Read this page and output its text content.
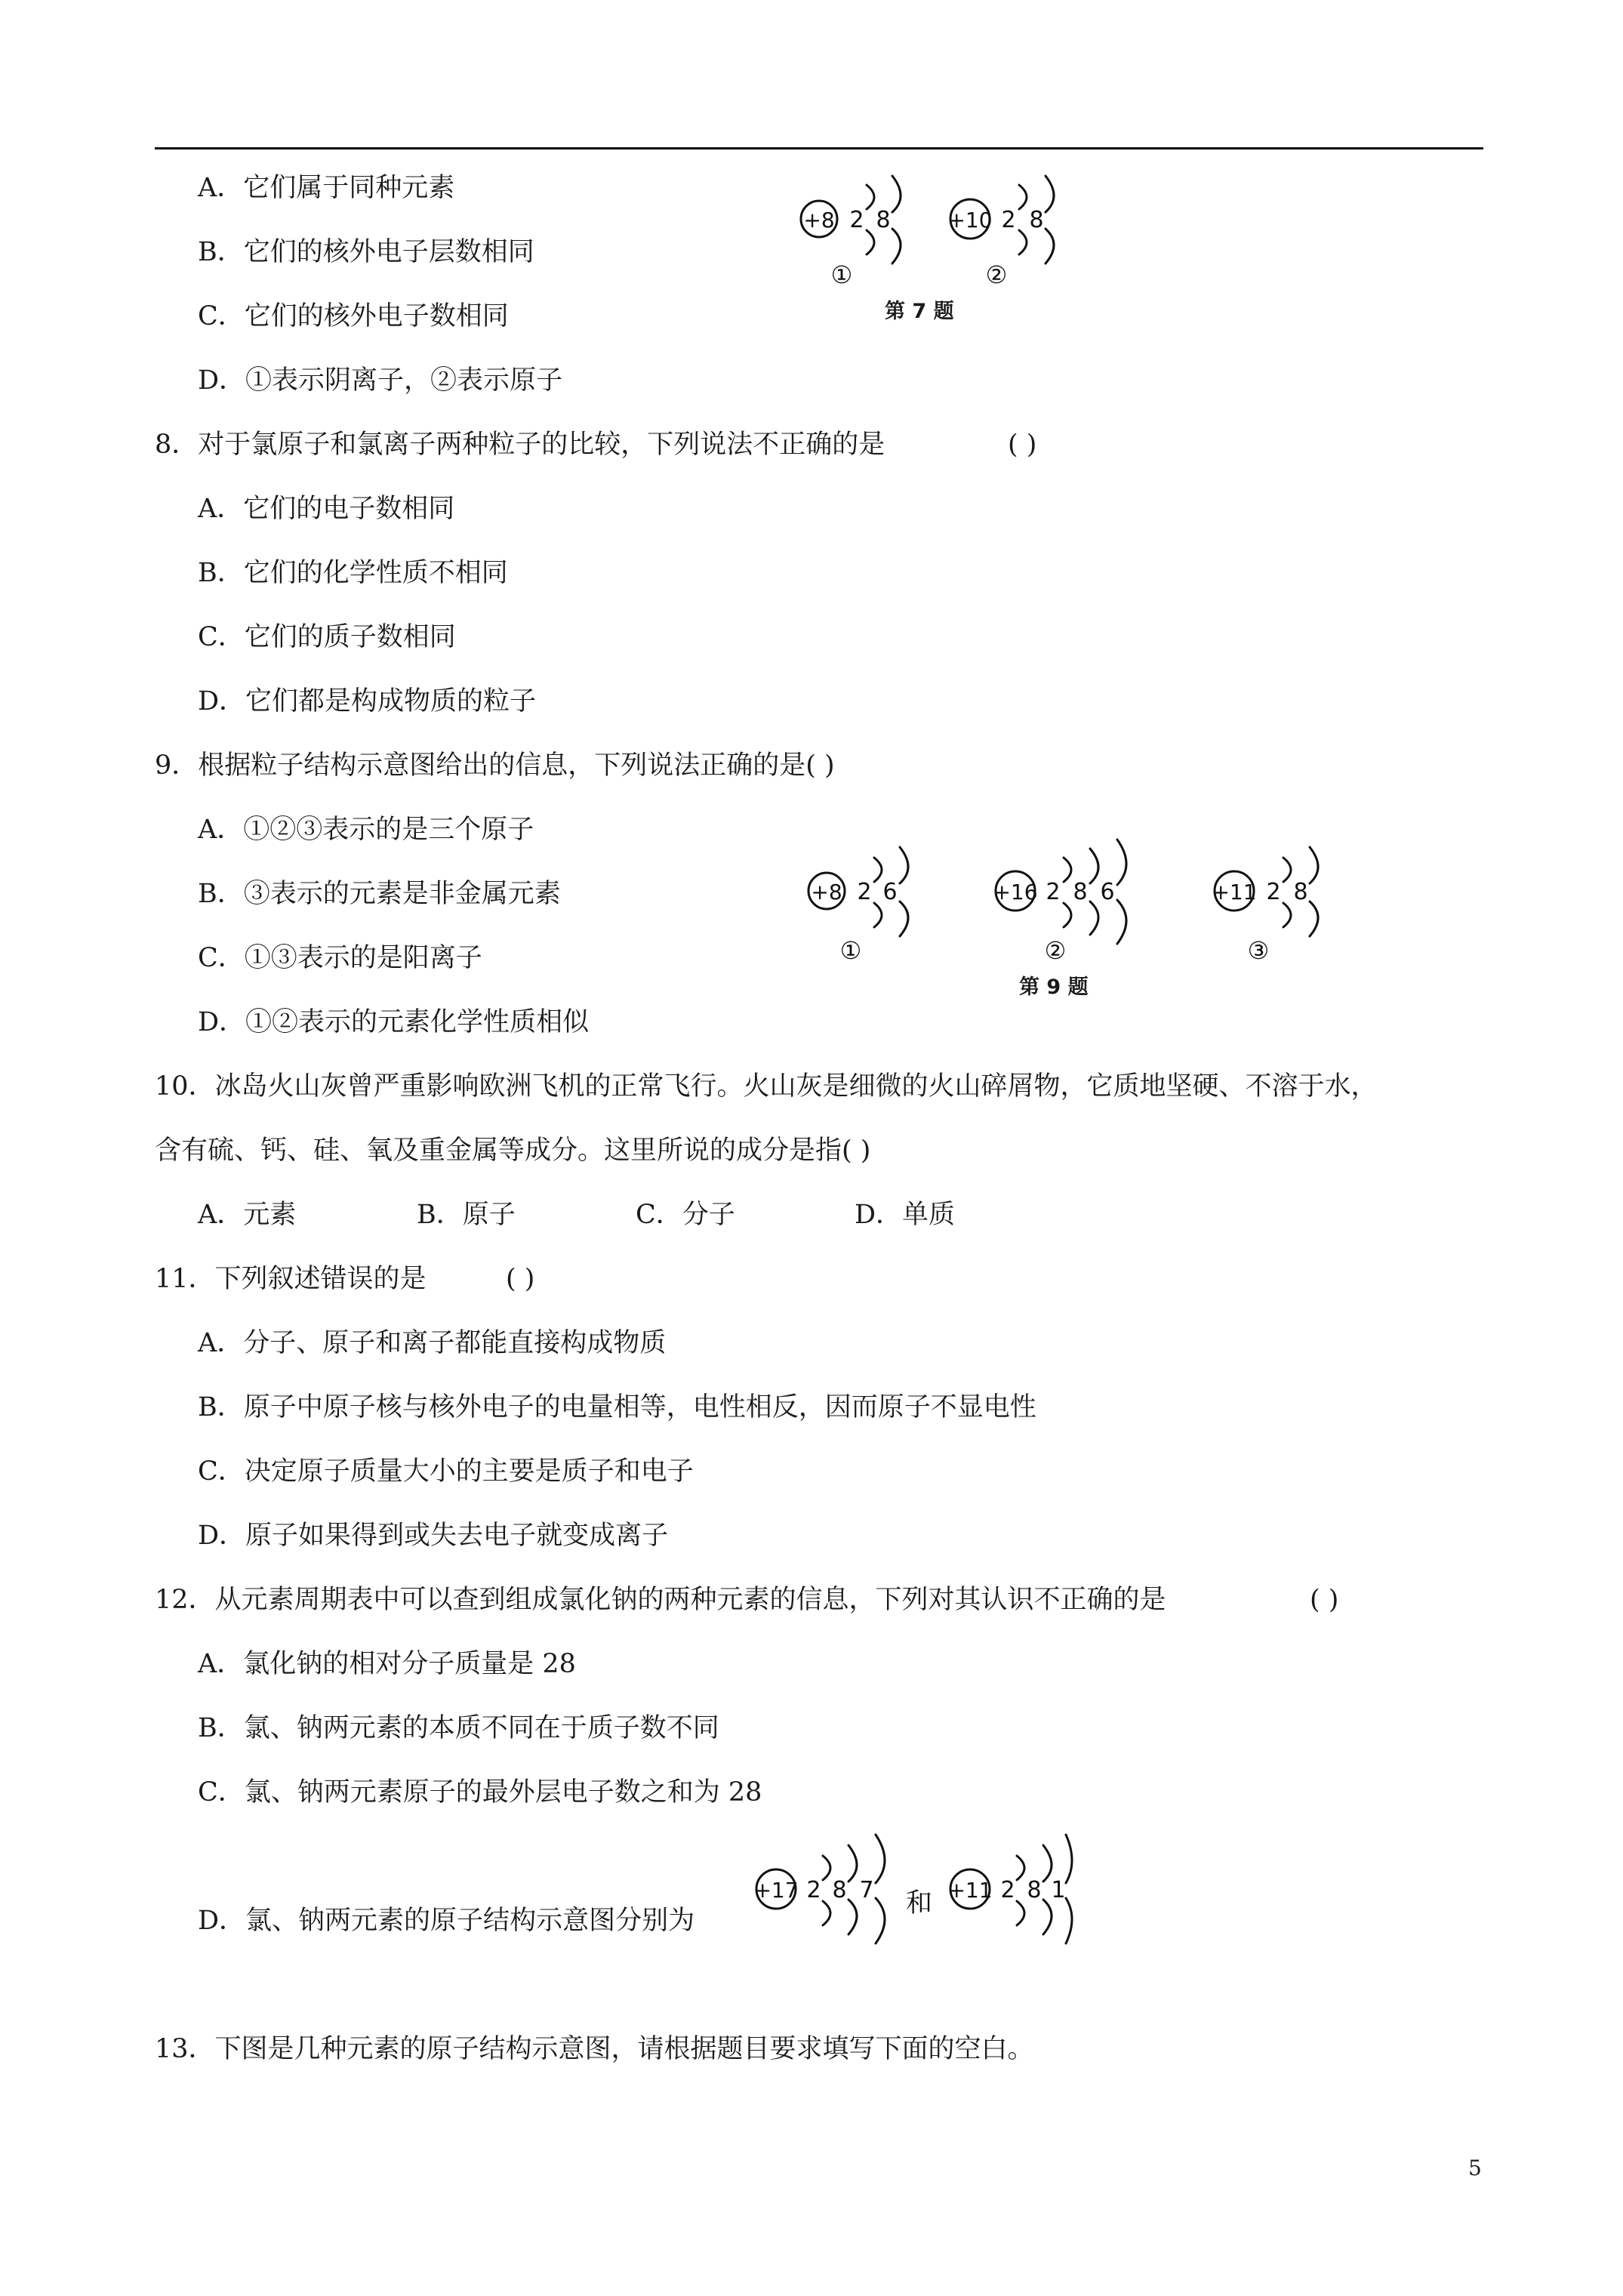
A．它们属于同种元素
B．它们的核外电子层数相同
C．它们的核外电子数相同
D．①表示阴离子，②表示原子
+8 2 8
①
+10 2 8
②
第 7 题
8．对于氯原子和氯离子两种粒子的比较，下列说法不正确的是	( )
A．它们的电子数相同
B．它们的化学性质不相同
C．它们的质子数相同
D．它们都是构成物质的粒子
9．根据粒子结构示意图给出的信息，下列说法正确的是( )
A．①②③表示的是三个原子
B．③表示的元素是非金属元素
C．①③表示的是阳离子
D．①②表示的元素化学性质相似
+8 2 6
①
+16 2 8 6
②
+11 2 8
③
第 9 题
10．冰岛火山灰曾严重影响欧洲飞机的正常飞行。火山灰是细微的火山碎屑物，它质地坚硬、不溶于水，
含有硫、钙、硅、氧及重金属等成分。这里所说的成分是指( )
A．元素	B．原子	C．分子	D．单质
11．下列叙述错误的是	( )
A．分子、原子和离子都能直接构成物质
B．原子中原子核与核外电子的电量相等，电性相反，因而原子不显电性
C．决定原子质量大小的主要是质子和电子
D．原子如果得到或失去电子就变成离子
12．从元素周期表中可以查到组成氯化钠的两种元素的信息，下列对其认识不正确的是	( )
A．氯化钠的相对分子质量是 28
B．氯、钠两元素的本质不同在于质子数不同
C．氯、钠两元素原子的最外层电子数之和为 28
D．氯、钠两元素的原子结构示意图分别为
+17 2 8 7 和 +11 2 8 1
13．下图是几种元素的原子结构示意图，请根据题目要求填写下面的空白。
5
